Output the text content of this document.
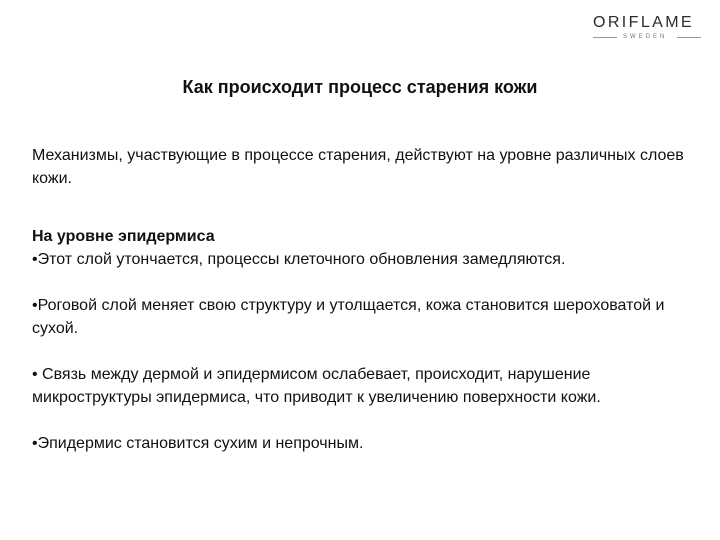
ORIFLAME
SWEDEN
Как происходит процесс старения кожи

Механизмы, участвующие в процессе старения, действуют на уровне различных слоев кожи.

На уровне эпидермиса

•Этот слой утончается, процессы клеточного обновления замедляются.

•Роговой слой меняет свою структуру и утолщается, кожа становится шероховатой и сухой.

• Связь между дермой и эпидермисом ослабевает, происходит, нарушение микроструктуры эпидермиса, что приводит к увеличению поверхности кожи.

•Эпидермис становится сухим и непрочным.
